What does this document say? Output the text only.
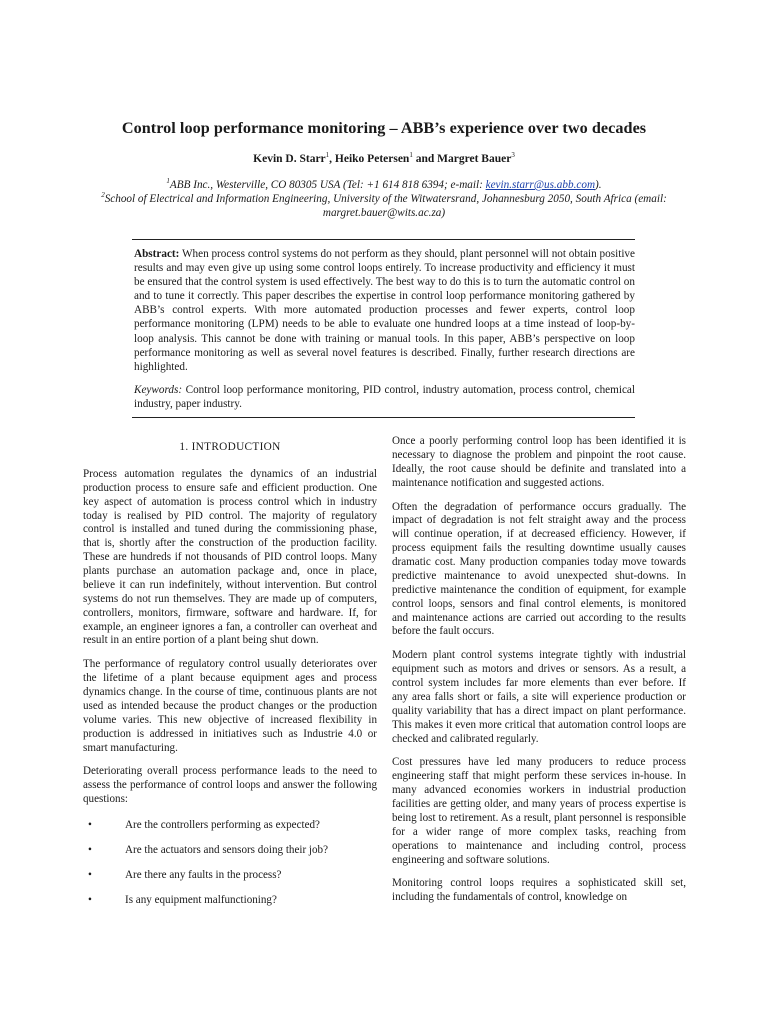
Control loop performance monitoring – ABB’s experience over two decades
Kevin D. Starr$^1$, Heiko Petersen$^1$ and Margret Bauer$^3$
$^1$ABB Inc., Westerville, CO 80305 USA (Tel: +1 614 818 6394; e-mail: kevin.starr@us.abb.com).
$^2$School of Electrical and Information Engineering, University of the Witwatersrand, Johannesburg 2050, South Africa (email:
margret.bauer@wits.ac.za)

Abstract: When process control systems do not perform as they should, plant personnel will not obtain positive results and may even give up using some control loops entirely. To increase productivity and efficiency it must be ensured that the control system is used effectively. The best way to do this is to turn the automatic control on and to tune it correctly. This paper describes the expertise in control loop performance monitoring gathered by ABB’s control experts. With more automated production processes and fewer experts, control loop performance monitoring (LPM) needs to be able to evaluate one hundred loops at a time instead of loop-by-loop analysis. This cannot be done with training or manual tools. In this paper, ABB’s perspective on loop performance monitoring as well as several novel features is described. Finally, further research directions are highlighted.

Keywords: Control loop performance monitoring, PID control, industry automation, process control, chemical industry, paper industry.

1. INTRODUCTION

Process automation regulates the dynamics of an industrial production process to ensure safe and efficient production. One key aspect of automation is process control which in industry today is realised by PID control. The majority of regulatory control is installed and tuned during the commissioning phase, that is, shortly after the construction of the production facility. These are hundreds if not thousands of PID control loops. Many plants purchase an automation package and, once in place, believe it can run indefinitely, without intervention. But control systems do not run themselves. They are made up of computers, controllers, monitors, firmware, software and hardware. If, for example, an engineer ignores a fan, a controller can overheat and result in an entire portion of a plant being shut down.

The performance of regulatory control usually deteriorates over the lifetime of a plant because equipment ages and process dynamics change. In the course of time, continuous plants are not used as intended because the product changes or the production volume varies. This new objective of increased flexibility in production is addressed in initiatives such as Industrie 4.0 or smart manufacturing.

Deteriorating overall process performance leads to the need to assess the performance of control loops and answer the following questions:

•	Are the controllers performing as expected?
•	Are the actuators and sensors doing their job?
•	Are there any faults in the process?
•	Is any equipment malfunctioning?

Once a poorly performing control loop has been identified it is necessary to diagnose the problem and pinpoint the root cause. Ideally, the root cause should be definite and translated into a maintenance notification and suggested actions.

Often the degradation of performance occurs gradually. The impact of degradation is not felt straight away and the process will continue operation, if at decreased efficiency. However, if process equipment fails the resulting downtime usually causes dramatic cost. Many production companies today move towards predictive maintenance to avoid unexpected shut-downs. In predictive maintenance the condition of equipment, for example control loops, sensors and final control elements, is monitored and maintenance actions are carried out according to the results before the fault occurs.

Modern plant control systems integrate tightly with industrial equipment such as motors and drives or sensors. As a result, a control system includes far more elements than ever before. If any area falls short or fails, a site will experience production or quality variability that has a direct impact on plant performance. This makes it even more critical that automation control loops are checked and calibrated regularly.

Cost pressures have led many producers to reduce process engineering staff that might perform these services in-house. In many advanced economies workers in industrial production facilities are getting older, and many years of process expertise is being lost to retirement. As a result, plant personnel is responsible for a wider range of more complex tasks, reaching from operations to maintenance and including control, process engineering and software solutions.

Monitoring control loops requires a sophisticated skill set, including the fundamentals of control, knowledge on
